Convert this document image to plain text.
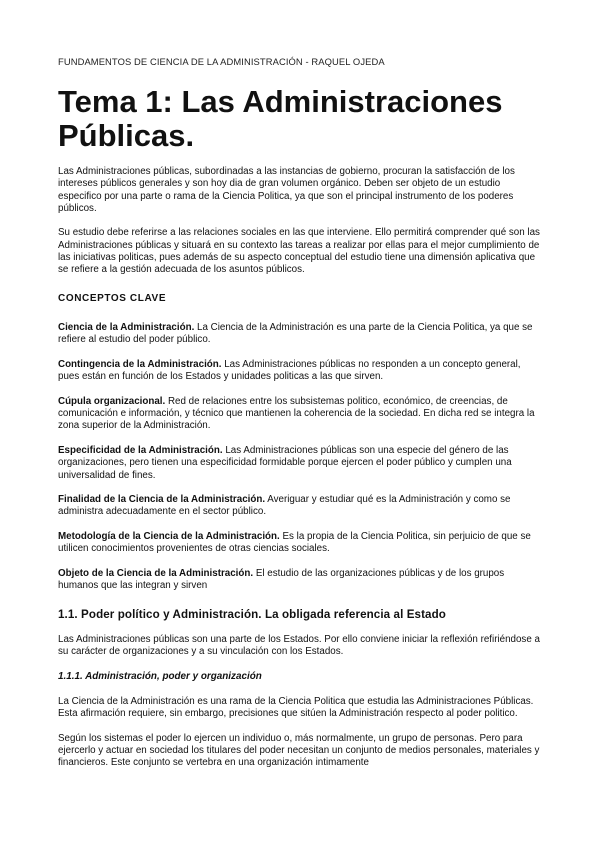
FUNDAMENTOS DE CIENCIA DE LA ADMINISTRACIÓN - RAQUEL OJEDA
Tema 1: Las Administraciones Públicas.

Las Administraciones públicas, subordinadas a las instancias de gobierno, procuran la satisfacción de los intereses públicos generales y son hoy dia de gran volumen orgánico. Deben ser objeto de un estudio especifico por una parte o rama de la Ciencia Politica, ya que son el principal instrumento de los poderes públicos.

Su estudio debe referirse a las relaciones sociales en las que interviene. Ello permitirá comprender qué son las Administraciones públicas y situará en su contexto las tareas a realizar por ellas para el mejor cumplimiento de las iniciativas politicas, pues además de su aspecto conceptual del estudio tiene una dimensión aplicativa que se refiere a la gestión adecuada de los asuntos públicos.

CONCEPTOS CLAVE
Ciencia de la Administración. La Ciencia de la Administración es una parte de la Ciencia Politica, ya que se refiere al estudio del poder público.
Contingencia de la Administración. Las Administraciones públicas no responden a un concepto general, pues están en función de los Estados y unidades politicas a las que sirven.
Cúpula organizacional. Red de relaciones entre los subsistemas politico, económico, de creencias, de comunicación e información, y técnico que mantienen la coherencia de la sociedad. En dicha red se integra la zona superior de la Administración.
Especificidad de la Administración. Las Administraciones públicas son una especie del género de las organizaciones, pero tienen una especificidad formidable porque ejercen el poder público y cumplen una universalidad de fines.
Finalidad de la Ciencia de la Administración. Averiguar y estudiar qué es la Administración y como se administra adecuadamente en el sector público.
Metodología de la Ciencia de la Administración. Es la propia de la Ciencia Politica, sin perjuicio de que se utilicen conocimientos provenientes de otras ciencias sociales.
Objeto de la Ciencia de la Administración. El estudio de las organizaciones públicas y de los grupos humanos que las integran y sirven
1.1. Poder político y Administración. La obligada referencia al Estado

Las Administraciones públicas son una parte de los Estados. Por ello conviene iniciar la reflexión refiriéndose a su carácter de organizaciones y a su vinculación con los Estados.

1.1.1. Administración, poder y organización

La Ciencia de la Administración es una rama de la Ciencia Politica que estudia las Administraciones Públicas. Esta afirmación requiere, sin embargo, precisiones que sitúen la Administración respecto al poder politico.

Según los sistemas el poder lo ejercen un individuo o, más normalmente, un grupo de personas. Pero para ejercerlo y actuar en sociedad los titulares del poder necesitan un conjunto de medios personales, materiales y financieros. Este conjunto se vertebra en una organización intimamente
